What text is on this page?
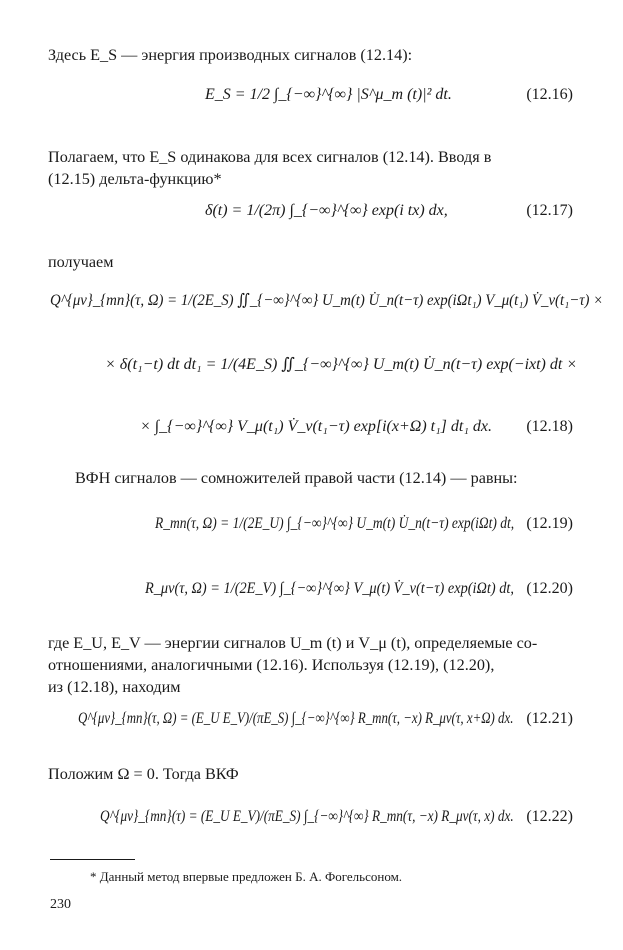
Здесь E_S — энергия производных сигналов (12.14):
E_S = 1/2 ∫_{−∞}^{∞} |S^μ_m (t)|² dt.	(12.16)
Полагаем, что E_S одинакова для всех сигналов (12.14). Вводя в
(12.15) дельта-функцию*
δ(t) = 1/(2π) ∫_{−∞}^{∞} exp(i tx) dx,	(12.17)
получаем
Q^{μν}_{mn}(τ, Ω) = 1/(2E_S) ∬_{−∞}^{∞} U_m(t) U̇_n(t−τ) exp(iΩt₁) V_μ(t₁) V̇_ν(t₁−τ) ×
× δ(t₁−t) dt dt₁ = 1/(4E_S) ∬_{−∞}^{∞} U_m(t) U̇_n(t−τ) exp(−ixt) dt ×
× ∫_{−∞}^{∞} V_μ(t₁) V̇_ν(t₁−τ) exp[i(x+Ω) t₁] dt₁ dx. (12.18)
ВФН сигналов — сомножителей правой части (12.14) — равны:
R_mn(τ, Ω) = 1/(2E_U) ∫_{−∞}^{∞} U_m(t) U̇_n(t−τ) exp(iΩt) dt, (12.19)
R_μν(τ, Ω) = 1/(2E_V) ∫_{−∞}^{∞} V_μ(t) V̇_ν(t−τ) exp(iΩt) dt, (12.20)
где E_U, E_V — энергии сигналов U_m (t) и V_μ (t), определяемые со-
отношениями, аналогичными (12.16). Используя (12.19), (12.20),
из (12.18), находим
Q^{μν}_{mn}(τ, Ω) = (E_U E_V)/(πE_S) ∫_{−∞}^{∞} R_mn(τ, −x) R_μν(τ, x+Ω) dx. (12.21)
Положим Ω = 0. Тогда ВКФ
Q^{μν}_{mn}(τ) = (E_U E_V)/(πE_S) ∫_{−∞}^{∞} R_mn(τ, −x) R_μν(τ, x) dx. (12.22)
* Данный метод впервые предложен Б. А. Фогельсоном.
230
